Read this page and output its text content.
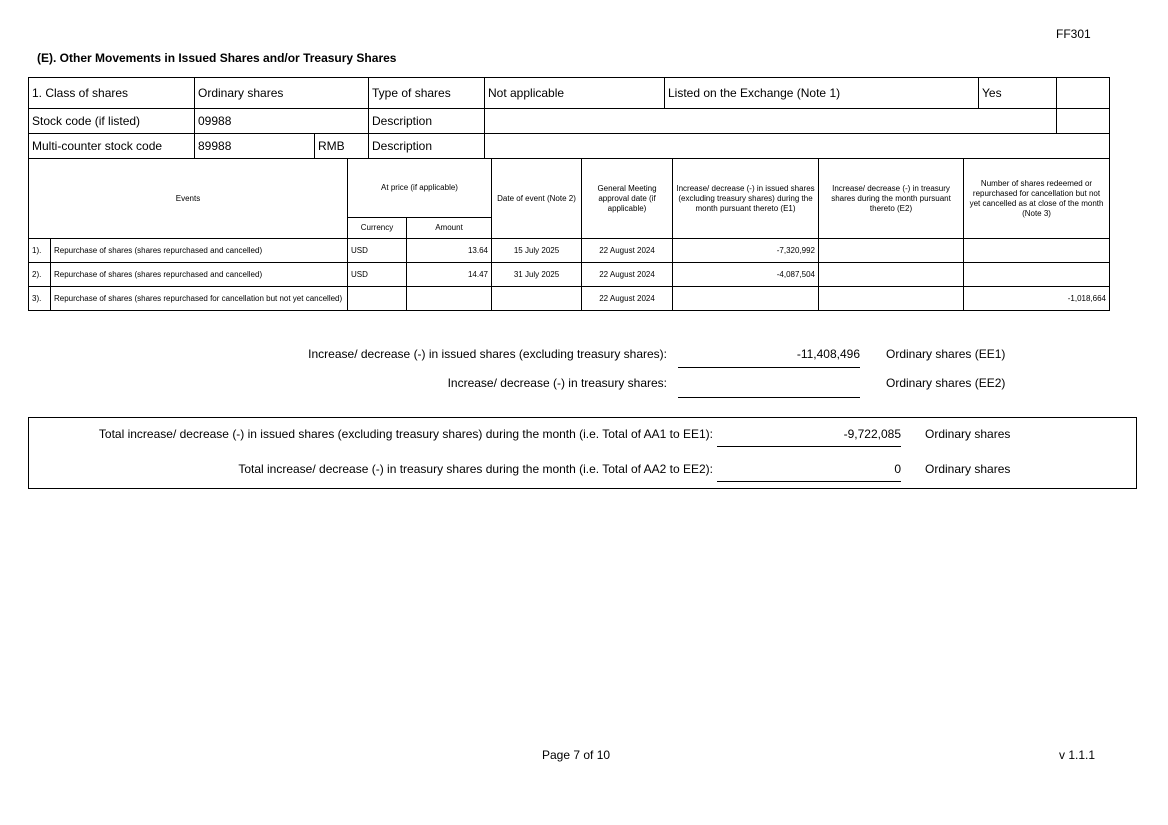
FF301
(E). Other Movements in Issued Shares and/or Treasury Shares
1. Class of shares	Ordinary shares		Type of shares	Not applicable	Listed on the Exchange (Note 1)	Yes	
Stock code (if listed)	09988		Description				
Multi-counter stock code	89988	RMB	Description				
Events		At price (if applicable)		Date of event (Note 2)	General Meeting approval date (if applicable)	Increase/ decrease (-) in issued shares (excluding treasury shares) during the month pursuant thereto (E1)	Increase/ decrease (-) in treasury shares during the month pursuant thereto (E2)	Number of shares redeemed or repurchased for cancellation but not yet cancelled as at close of the month (Note 3)
		Currency	Amount					
1).	Repurchase of shares (shares repurchased and cancelled)	USD	13.64	15 July 2025	22 August 2024	-7,320,992		
2).	Repurchase of shares (shares repurchased and cancelled)	USD	14.47	31 July 2025	22 August 2024	-4,087,504		
3).	Repurchase of shares (shares repurchased for cancellation but not yet cancelled)				22 August 2024			-1,018,664
Increase/ decrease (-) in issued shares (excluding treasury shares):	-11,408,496 Ordinary shares (EE1)
Increase/ decrease (-) in treasury shares:	Ordinary shares (EE2)
Total increase/ decrease (-) in issued shares (excluding treasury shares) during the month (i.e. Total of AA1 to EE1):	-9,722,085 Ordinary shares
Total increase/ decrease (-) in treasury shares during the month (i.e. Total of AA2 to EE2):	0 Ordinary shares
Page 7 of 10	v 1.1.1
